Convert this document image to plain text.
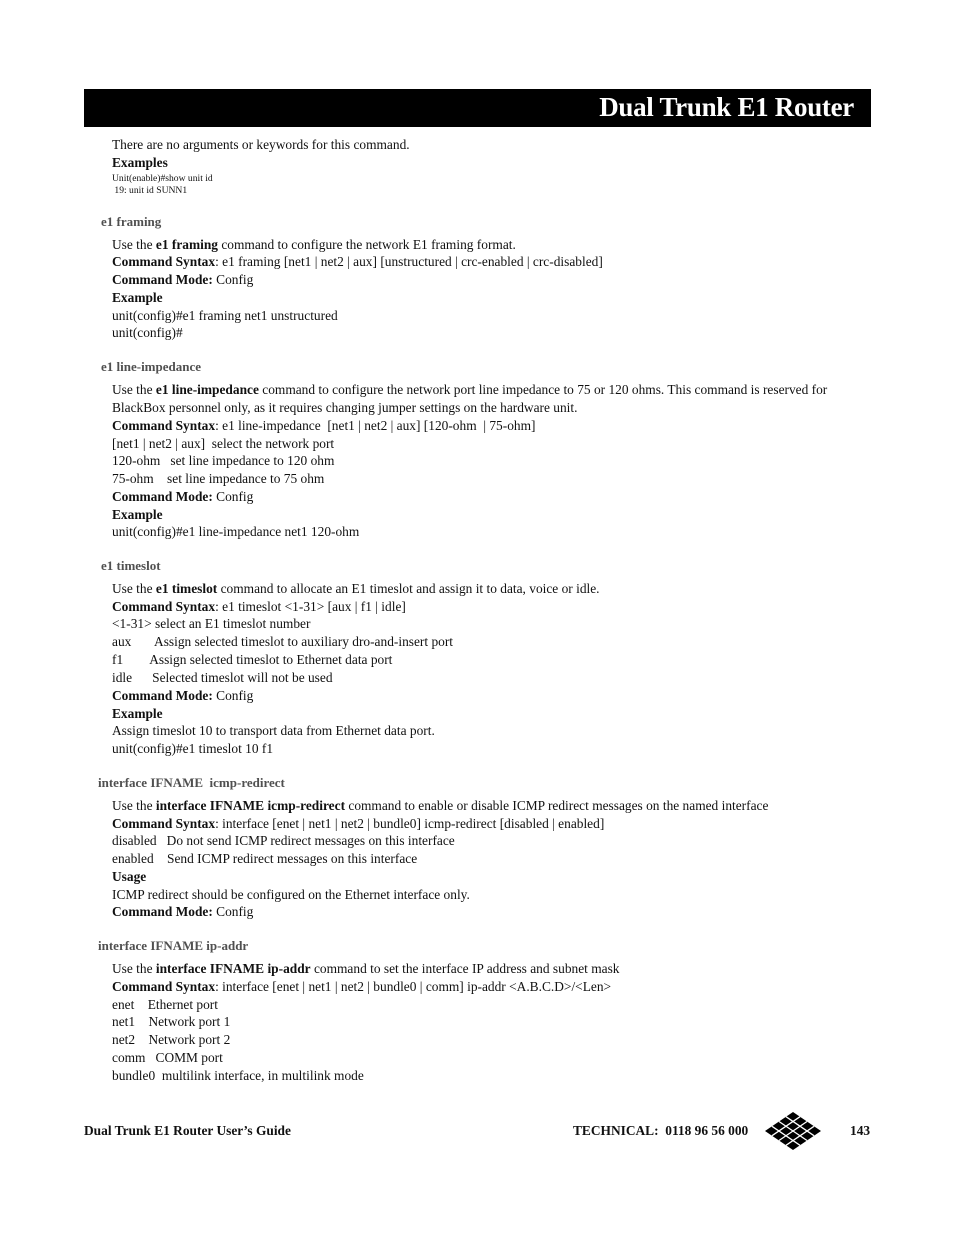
Dual Trunk E1 Router
There are no arguments or keywords for this command.
Examples
Unit(enable)#show unit id
19: unit id SUNN1
e1 framing
Use the e1 framing command to configure the network E1 framing format.
Command Syntax: e1 framing [net1 | net2 | aux] [unstructured | crc-enabled | crc-disabled]
Command Mode: Config
Example
unit(config)#e1 framing net1 unstructured
unit(config)#
e1 line-impedance
Use the e1 line-impedance command to configure the network port line impedance to 75 or 120 ohms. This command is reserved for BlackBox personnel only, as it requires changing jumper settings on the hardware unit.
Command Syntax: e1 line-impedance  [net1 | net2 | aux] [120-ohm  | 75-ohm]
[net1 | net2 | aux]  select the network port
120-ohm   set line impedance to 120 ohm
75-ohm    set line impedance to 75 ohm
Command Mode: Config
Example
unit(config)#e1 line-impedance net1 120-ohm
e1 timeslot
Use the e1 timeslot command to allocate an E1 timeslot and assign it to data, voice or idle.
Command Syntax: e1 timeslot <1-31> [aux | f1 | idle]
<1-31> select an E1 timeslot number
aux       Assign selected timeslot to auxiliary dro-and-insert port
f1        Assign selected timeslot to Ethernet data port
idle      Selected timeslot will not be used
Command Mode: Config
Example
Assign timeslot 10 to transport data from Ethernet data port.
unit(config)#e1 timeslot 10 f1
interface IFNAME  icmp-redirect
Use the interface IFNAME icmp-redirect command to enable or disable ICMP redirect messages on the named interface
Command Syntax: interface [enet | net1 | net2 | bundle0] icmp-redirect [disabled | enabled]
disabled   Do not send ICMP redirect messages on this interface
enabled    Send ICMP redirect messages on this interface
Usage
ICMP redirect should be configured on the Ethernet interface only.
Command Mode: Config
interface IFNAME ip-addr
Use the interface IFNAME ip-addr command to set the interface IP address and subnet mask
Command Syntax: interface [enet | net1 | net2 | bundle0 | comm] ip-addr <A.B.C.D>/<Len>
enet    Ethernet port
net1    Network port 1
net2    Network port 2
comm   COMM port
bundle0  multilink interface, in multilink mode
Dual Trunk E1 Router User’s Guide	TECHNICAL:  0118 96 56 000	143
